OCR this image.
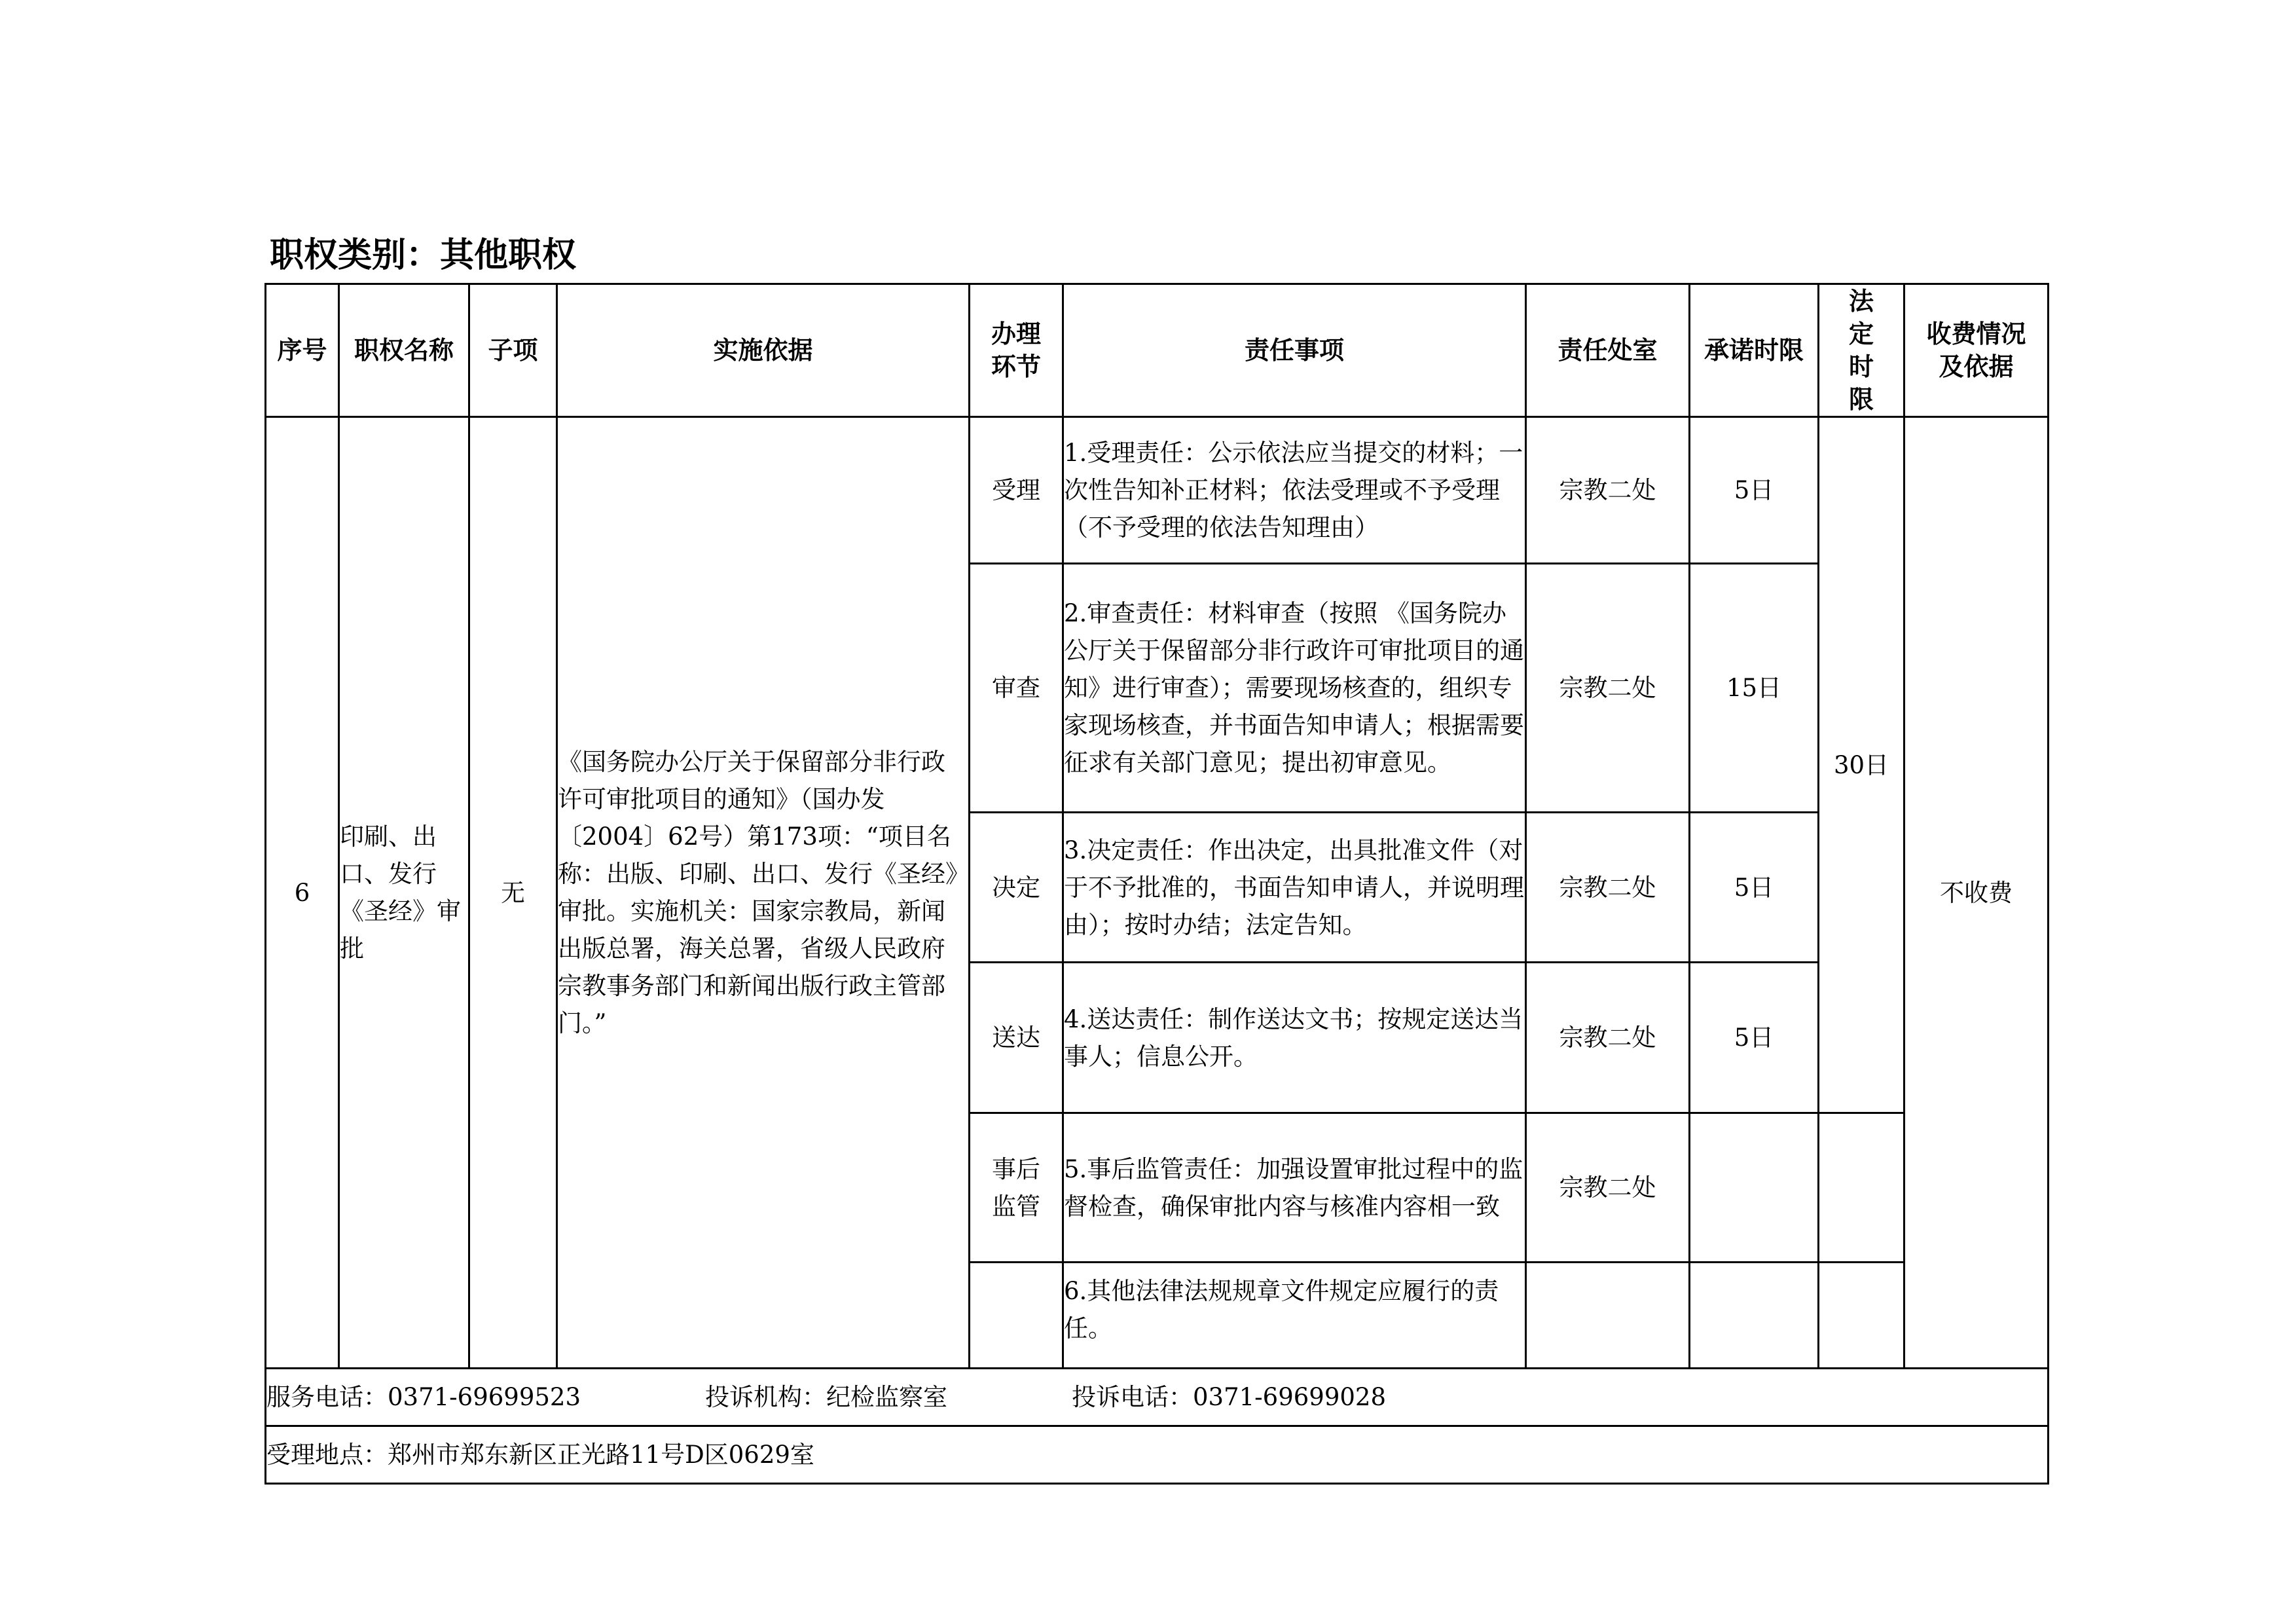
职权类别：其他职权
序号	职权名称	子项	实施依据	办理环节	责任事项	责任处室	承诺时限	法定时限	收费情况及依据
6	印刷、出口、发行《圣经》审批	无	《国务院办公厅关于保留部分非行政许可审批项目的通知》（国办发〔2004〕62号）第173项：“项目名称：出版、印刷、出口、发行《圣经》审批。实施机关：国家宗教局，新闻出版总署，海关总署，省级人民政府宗教事务部门和新闻出版行政主管部门。”	受理	1.受理责任：公示依法应当提交的材料；一次性告知补正材料；依法受理或不予受理（不予受理的依法告知理由）	宗教二处	5日	30日	不收费
				审查	2.审查责任：材料审查（按照 《国务院办公厅关于保留部分非行政许可审批项目的通知》进行审查）；需要现场核查的，组织专家现场核查，并书面告知申请人；根据需要征求有关部门意见；提出初审意见。	宗教二处	15日		
				决定	3.决定责任：作出决定，出具批准文件（对于不予批准的，书面告知申请人，并说明理由）；按时办结；法定告知。	宗教二处	5日		
				送达	4.送达责任：制作送达文书；按规定送达当事人；信息公开。	宗教二处	5日		
				事后监管	5.事后监管责任：加强设置审批过程中的监督检查，确保审批内容与核准内容相一致	宗教二处			
					6.其他法律法规规章文件规定应履行的责任。				
服务电话：0371-69699523 投诉机构：纪检监察室 投诉电话：0371-69699028									
受理地点：郑州市郑东新区正光路11号D区0629室									
